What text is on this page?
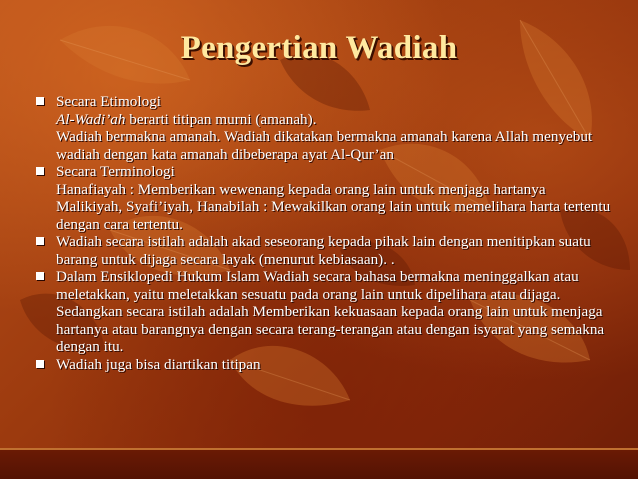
Pengertian Wadiah
Secara Etimologi
Al-Wadi’ah berarti titipan murni (amanah).
Wadiah bermakna amanah. Wadiah dikatakan bermakna amanah karena Allah menyebut wadiah dengan kata amanah dibeberapa ayat Al-Qur’an
Secara Terminologi
Hanafiayah : Memberikan wewenang kepada orang lain untuk menjaga hartanya
Malikiyah, Syafi’iyah, Hanabilah : Mewakilkan orang lain untuk memelihara harta tertentu dengan cara tertentu.
Wadiah secara istilah adalah akad seseorang kepada pihak lain dengan menitipkan suatu barang untuk dijaga secara layak (menurut kebiasaan). .
Dalam Ensiklopedi Hukum Islam Wadiah secara bahasa bermakna meninggalkan atau meletakkan, yaitu meletakkan sesuatu pada orang lain untuk dipelihara atau dijaga. Sedangkan secara istilah adalah Memberikan kekuasaan kepada orang lain untuk menjaga hartanya atau barangnya dengan secara terang-terangan atau dengan isyarat yang semakna dengan itu.
Wadiah juga bisa diartikan titipan
